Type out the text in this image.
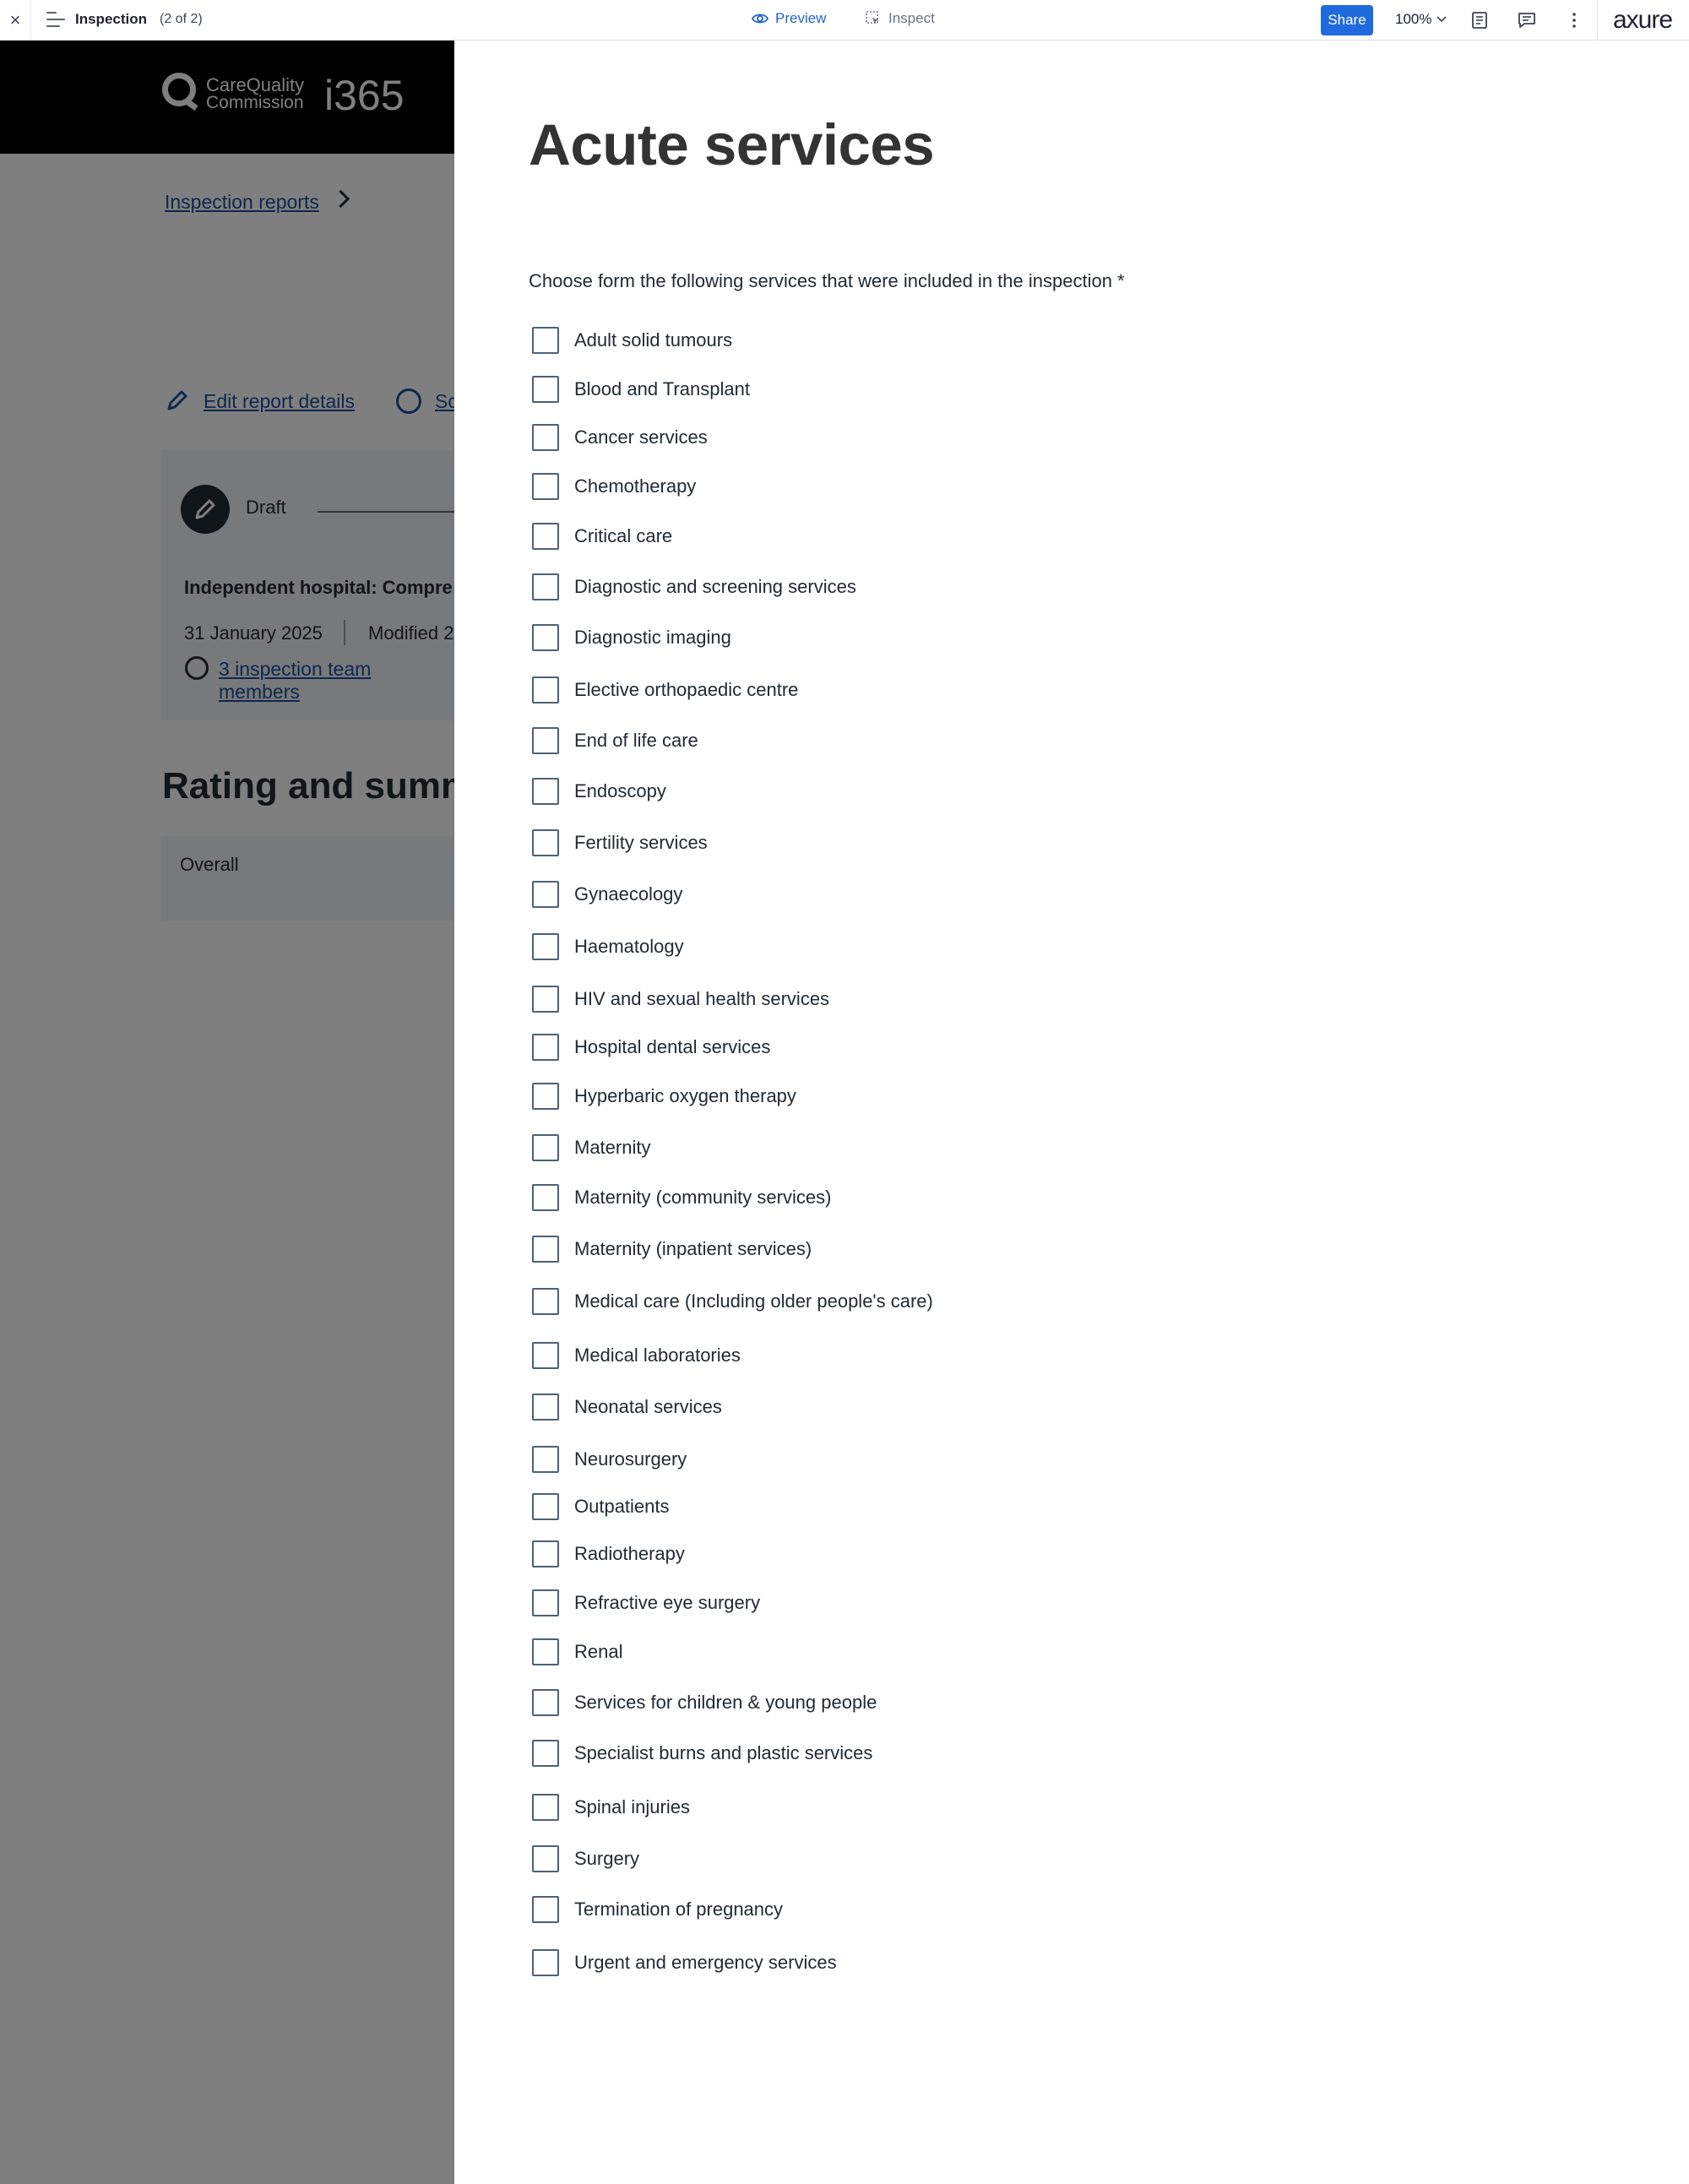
×	Inspection (2 of 2)	Preview	Inspect	Share	100%	axure
Acute services
Choose form the following services that were included in the inspection *
Adult solid tumours
Blood and Transplant
Cancer services
Chemotherapy
Critical care
Diagnostic and screening services
Diagnostic imaging
Elective orthopaedic centre
End of life care
Endoscopy
Fertility services
Gynaecology
Haematology
HIV and sexual health services
Hospital dental services
Hyperbaric oxygen therapy
Maternity
Maternity (community services)
Maternity (inpatient services)
Medical care (Including older people's care)
Medical laboratories
Neonatal services
Neurosurgery
Outpatients
Radiotherapy
Refractive eye surgery
Renal
Services for children & young people
Specialist burns and plastic services
Spinal injuries
Surgery
Termination of pregnancy
Urgent and emergency services
